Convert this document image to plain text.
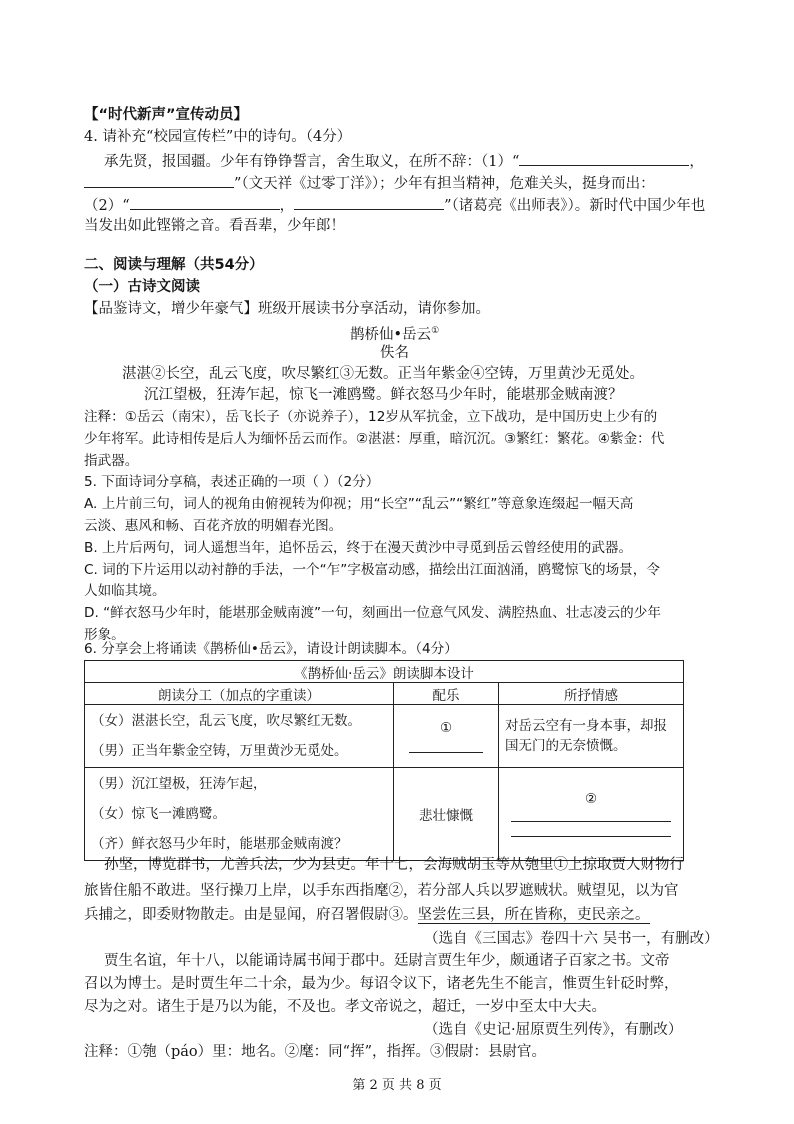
【“时代新声”宣传动员】
4. 请补充“校园宣传栏”中的诗句。（4分）
承先贤，报国疆。少年有铮铮誓言，舍生取义，在所不辞：（1）“	，
”（文天祥《过零丁洋》）；少年有担当精神，危难关头，挺身而出：
（2）“	，	”（诸葛亮《出师表》）。新时代中国少年也
当发出如此铿锵之音。看吾辈，少年郎！
二、阅读与理解（共54分）
（一）古诗文阅读
【品鉴诗文，增少年豪气】班级开展读书分享活动，请你参加。
鹊桥仙•岳云①
佚名
湛湛②长空，乱云飞度，吹尽繁红③无数。正当年紫金④空铸，万里黄沙无觅处。
沉江望极，狂涛乍起，惊飞一滩鸥鹭。鲜衣怒马少年时，能堪那金贼南渡？
注释：①岳云（南宋），岳飞长子（亦说养子），12岁从军抗金，立下战功，是中国历史上少有的
少年将军。此诗相传是后人为缅怀岳云而作。②湛湛：厚重，暗沉沉。③繁红：繁花。④紫金：代
指武器。
5. 下面诗词分享稿，表述正确的一项（ ）（2分）
A. 上片前三句，词人的视角由俯视转为仰视；用“长空”“乱云”“繁红”等意象连缀起一幅天高
云淡、惠风和畅、百花齐放的明媚春光图。
B. 上片后两句，词人遥想当年，追怀岳云，终于在漫天黄沙中寻觅到岳云曾经使用的武器。
C. 词的下片运用以动衬静的手法，一个“乍”字极富动感，描绘出江面汹涌，鸥鹭惊飞的场景，令
人如临其境。
D. “鲜衣怒马少年时，能堪那金贼南渡”一句，刻画出一位意气风发、满腔热血、壮志凌云的少年
形象。
6. 分享会上将诵读《鹊桥仙•岳云》，请设计朗读脚本。（4分）
《鹊桥仙·岳云》朗读脚本设计		
朗读分工（加点的字重读）	配乐	所抒情感

（女）湛湛长空，乱云飞度，吹尽繁红无数。
（男）正当年紫金空铸，万里黄沙无觅处。	①	对岳云空有一身本事，却报国无门的无奈愤慨。

（男）沉江望极，狂涛乍起，
（女）惊飞一滩鸥鹭。
（齐）鲜衣怒马少年时，能堪那金贼南渡？	悲壮慷慨	②
孙坚，博览群书，尤善兵法，少为县吏。年十七，会海贼胡玉等从匏里①上掠取贾人财物行
旅皆住船不敢进。坚行操刀上岸，以手东西指麾②，若分部人兵以罗遮贼状。贼望见，以为官
兵捕之，即委财物散走。由是显闻，府召署假尉③。坚尝佐三县，所在皆称，吏民亲之。
（选自《三国志》卷四十六 吴书一，有删改）
贾生名谊，年十八，以能诵诗属书闻于郡中。廷尉言贾生年少，颇通诸子百家之书。文帝
召以为博士。是时贾生年二十余，最为少。每诏令议下，诸老先生不能言，惟贾生针砭时弊，
尽为之对。诸生于是乃以为能，不及也。孝文帝说之，超迁，一岁中至太中大夫。
（选自《史记·屈原贾生列传》，有删改）
注释：①匏（páo）里：地名。②麾：同“挥”，指挥。③假尉：县尉官。
第 2 页 共 8 页
